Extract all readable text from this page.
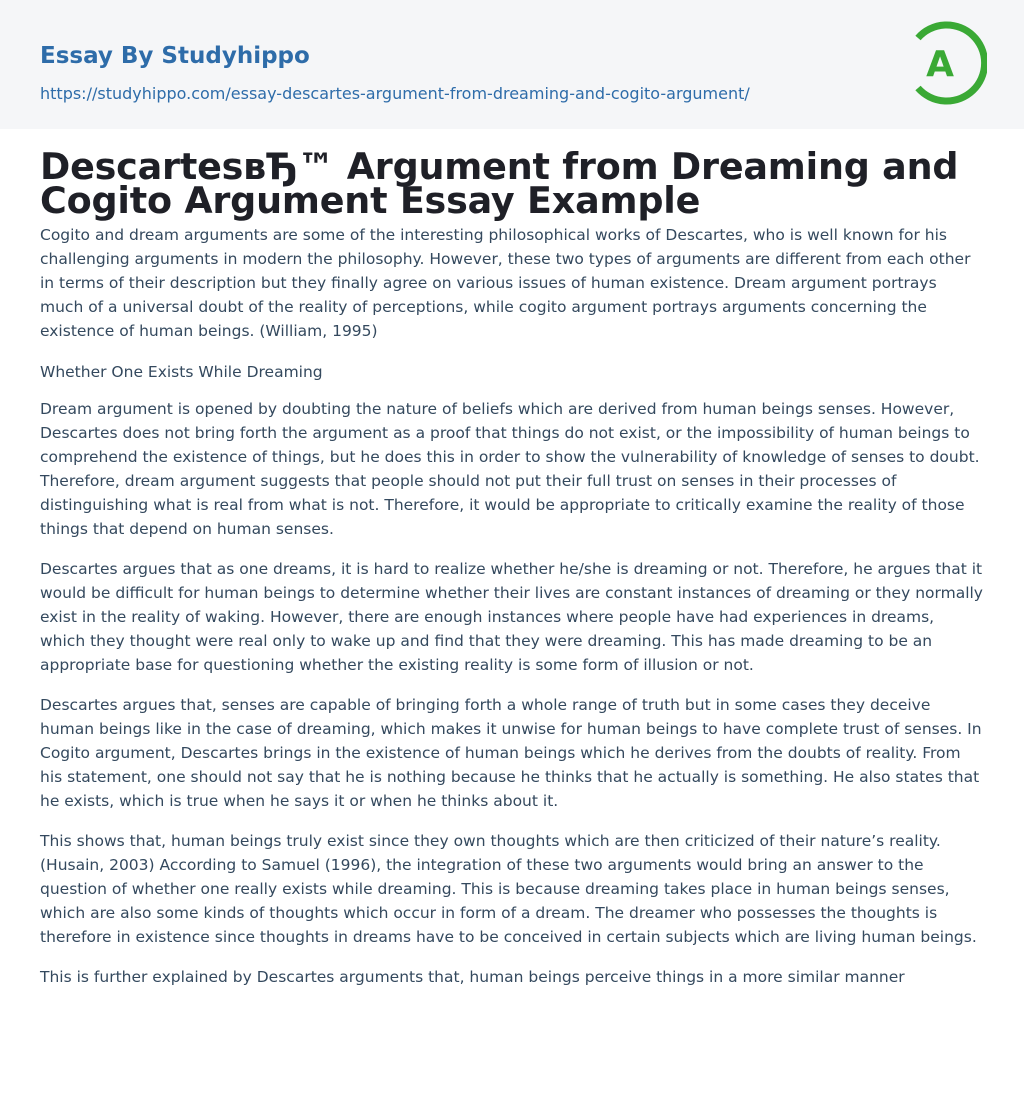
Essay By Studyhippo
https://studyhippo.com/essay-descartes-argument-from-dreaming-and-cogito-argument/
A
DescartesвЂ™ Argument from Dreaming and Cogito Argument Essay Example

Cogito and dream arguments are some of the interesting philosophical works of Descartes, who is well known for his challenging arguments in modern the philosophy. However, these two types of arguments are different from each other in terms of their description but they finally agree on various issues of human existence. Dream argument portrays much of a universal doubt of the reality of perceptions, while cogito argument portrays arguments concerning the existence of human beings. (William, 1995)

Whether One Exists While Dreaming

Dream argument is opened by doubting the nature of beliefs which are derived from human beings senses. However, Descartes does not bring forth the argument as a proof that things do not exist, or the impossibility of human beings to comprehend the existence of things, but he does this in order to show the vulnerability of knowledge of senses to doubt. Therefore, dream argument suggests that people should not put their full trust on senses in their processes of distinguishing what is real from what is not. Therefore, it would be appropriate to critically examine the reality of those things that depend on human senses.

Descartes argues that as one dreams, it is hard to realize whether he/she is dreaming or not. Therefore, he argues that it would be difficult for human beings to determine whether their lives are constant instances of dreaming or they normally exist in the reality of waking. However, there are enough instances where people have had experiences in dreams, which they thought were real only to wake up and find that they were dreaming. This has made dreaming to be an appropriate base for questioning whether the existing reality is some form of illusion or not.

Descartes argues that, senses are capable of bringing forth a whole range of truth but in some cases they deceive human beings like in the case of dreaming, which makes it unwise for human beings to have complete trust of senses. In Cogito argument, Descartes brings in the existence of human beings which he derives from the doubts of reality. From his statement, one should not say that he is nothing because he thinks that he actually is something. He also states that he exists, which is true when he says it or when he thinks about it.

This shows that, human beings truly exist since they own thoughts which are then criticized of their nature’s reality. (Husain, 2003) According to Samuel (1996), the integration of these two arguments would bring an answer to the question of whether one really exists while dreaming. This is because dreaming takes place in human beings senses, which are also some kinds of thoughts which occur in form of a dream. The dreamer who possesses the thoughts is therefore in existence since thoughts in dreams have to be conceived in certain subjects which are living human beings.

This is further explained by Descartes arguments that, human beings perceive things in a more similar manner
